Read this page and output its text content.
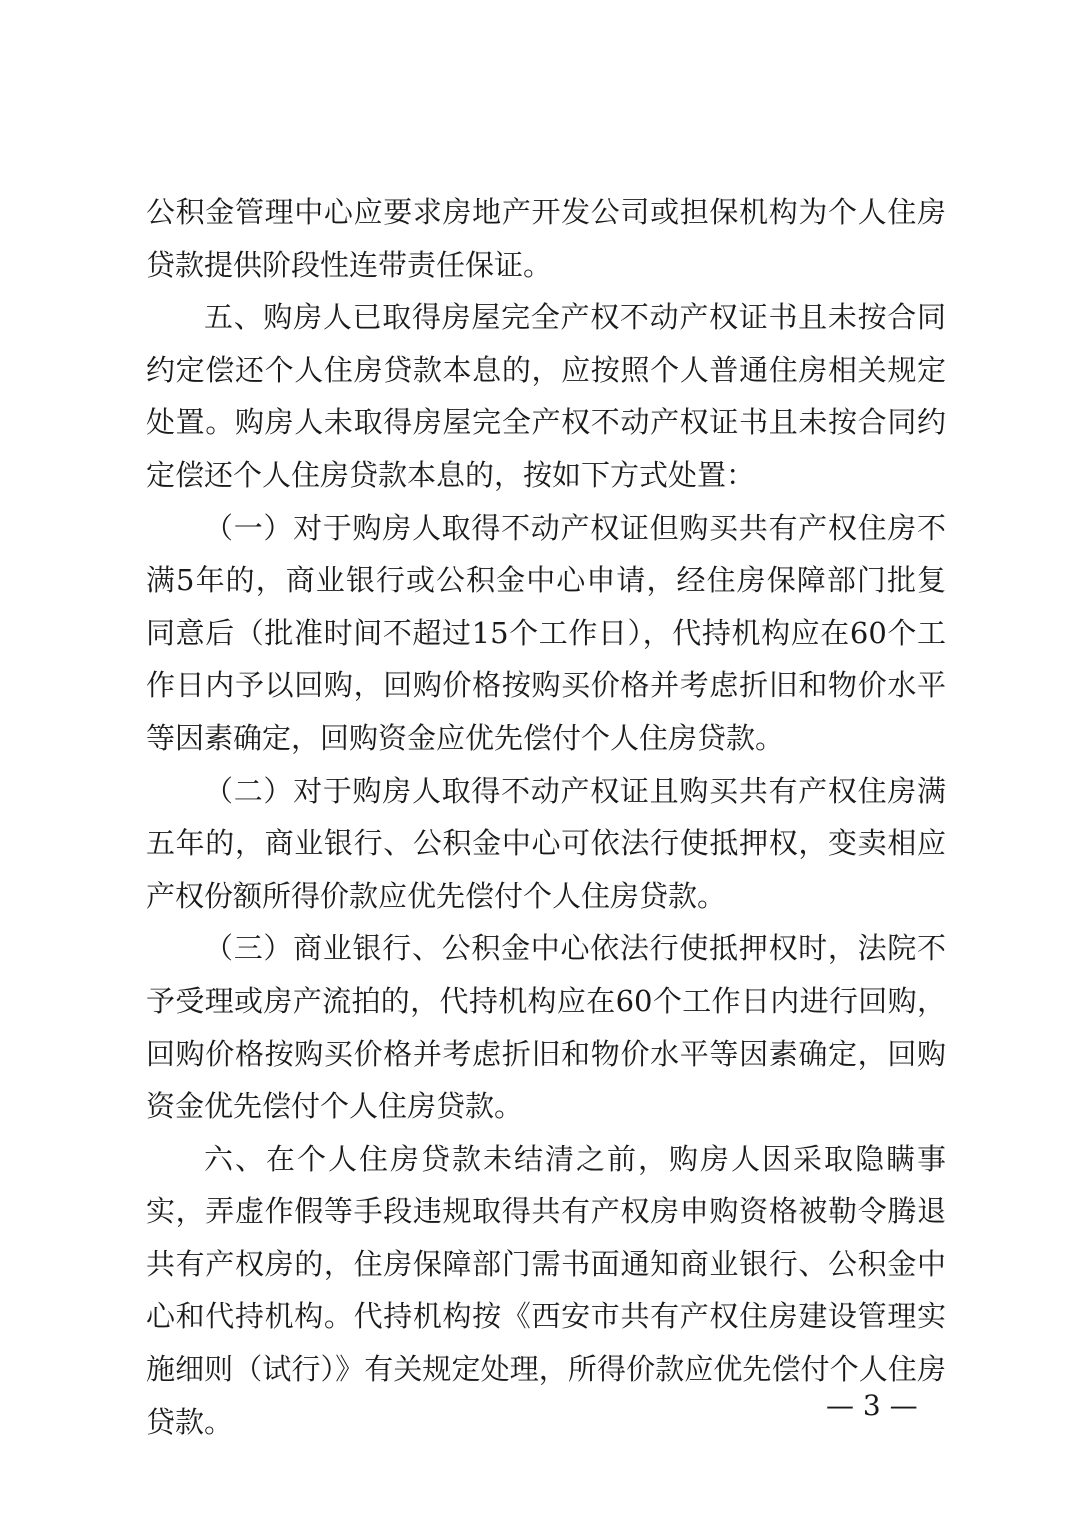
公积金管理中心应要求房地产开发公司或担保机构为个人住房贷款提供阶段性连带责任保证。

五、购房人已取得房屋完全产权不动产权证书且未按合同约定偿还个人住房贷款本息的，应按照个人普通住房相关规定处置。购房人未取得房屋完全产权不动产权证书且未按合同约定偿还个人住房贷款本息的，按如下方式处置：

（一）对于购房人取得不动产权证但购买共有产权住房不满5年的，商业银行或公积金中心申请，经住房保障部门批复同意后（批准时间不超过15个工作日），代持机构应在60个工作日内予以回购，回购价格按购买价格并考虑折旧和物价水平等因素确定，回购资金应优先偿付个人住房贷款。

（二）对于购房人取得不动产权证且购买共有产权住房满五年的，商业银行、公积金中心可依法行使抵押权，变卖相应产权份额所得价款应优先偿付个人住房贷款。

（三）商业银行、公积金中心依法行使抵押权时，法院不予受理或房产流拍的，代持机构应在60个工作日内进行回购，回购价格按购买价格并考虑折旧和物价水平等因素确定，回购资金优先偿付个人住房贷款。

六、在个人住房贷款未结清之前，购房人因采取隐瞒事实，弄虚作假等手段违规取得共有产权房申购资格被勒令腾退共有产权房的，住房保障部门需书面通知商业银行、公积金中心和代持机构。代持机构按《西安市共有产权住房建设管理实施细则（试行）》有关规定处理，所得价款应优先偿付个人住房贷款。	— 3 —
